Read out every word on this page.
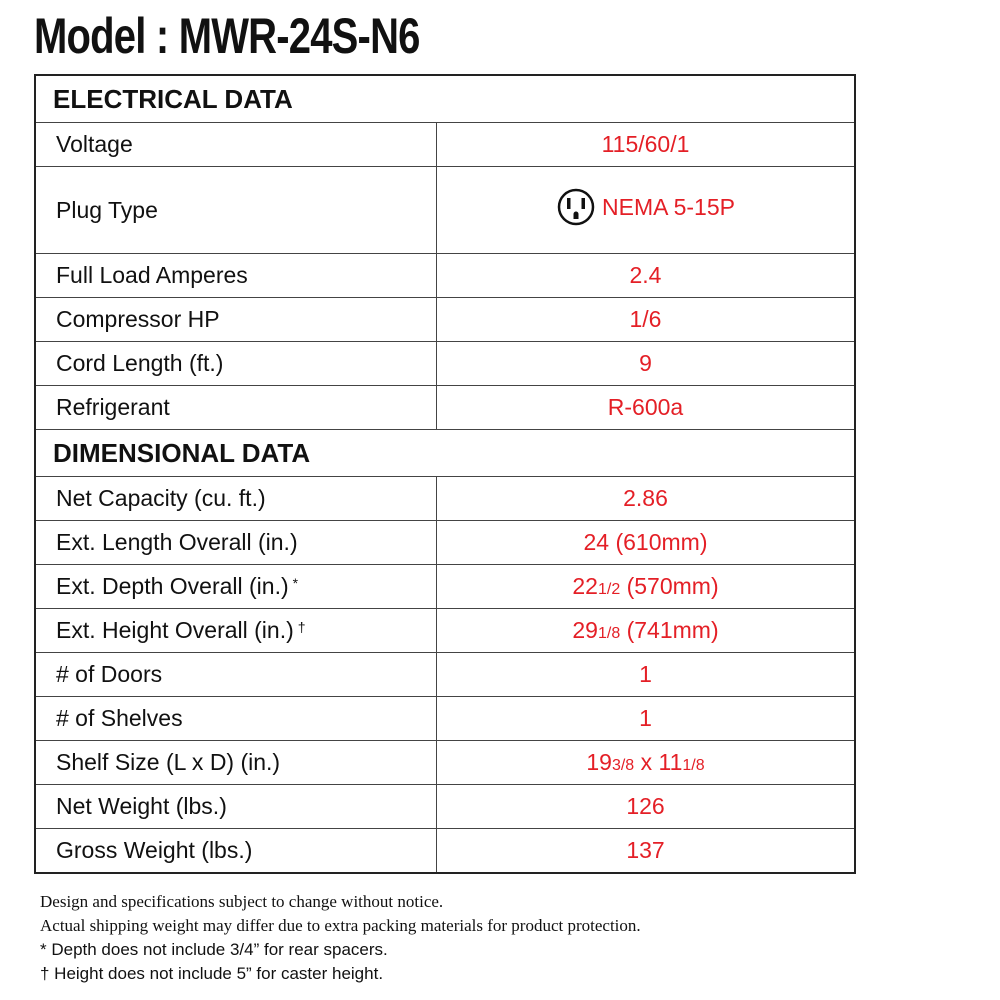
Model : MWR-24S-N6
ELECTRICAL DATA	
Voltage	115/60/1
Plug Type	NEMA 5-15P

Full Load Amperes	2.4
Compressor HP	1/6
Cord Length (ft.)	9
Refrigerant	R-600a
DIMENSIONAL DATA	
Net Capacity (cu. ft.)	2.86
Ext. Length Overall (in.)	24 (610mm)
Ext. Depth Overall (in.) *	221/2 (570mm)
Ext. Height Overall (in.) †	291/8 (741mm)
# of Doors	1
# of Shelves	1
Shelf Size (L x D) (in.)	193/8 x 111/8
Net Weight (lbs.)	126
Gross Weight (lbs.)	137
Design and specifications subject to change without notice.
Actual shipping weight may differ due to extra packing materials for product protection.
* Depth does not include 3/4” for rear spacers.
† Height does not include 5” for caster height.
